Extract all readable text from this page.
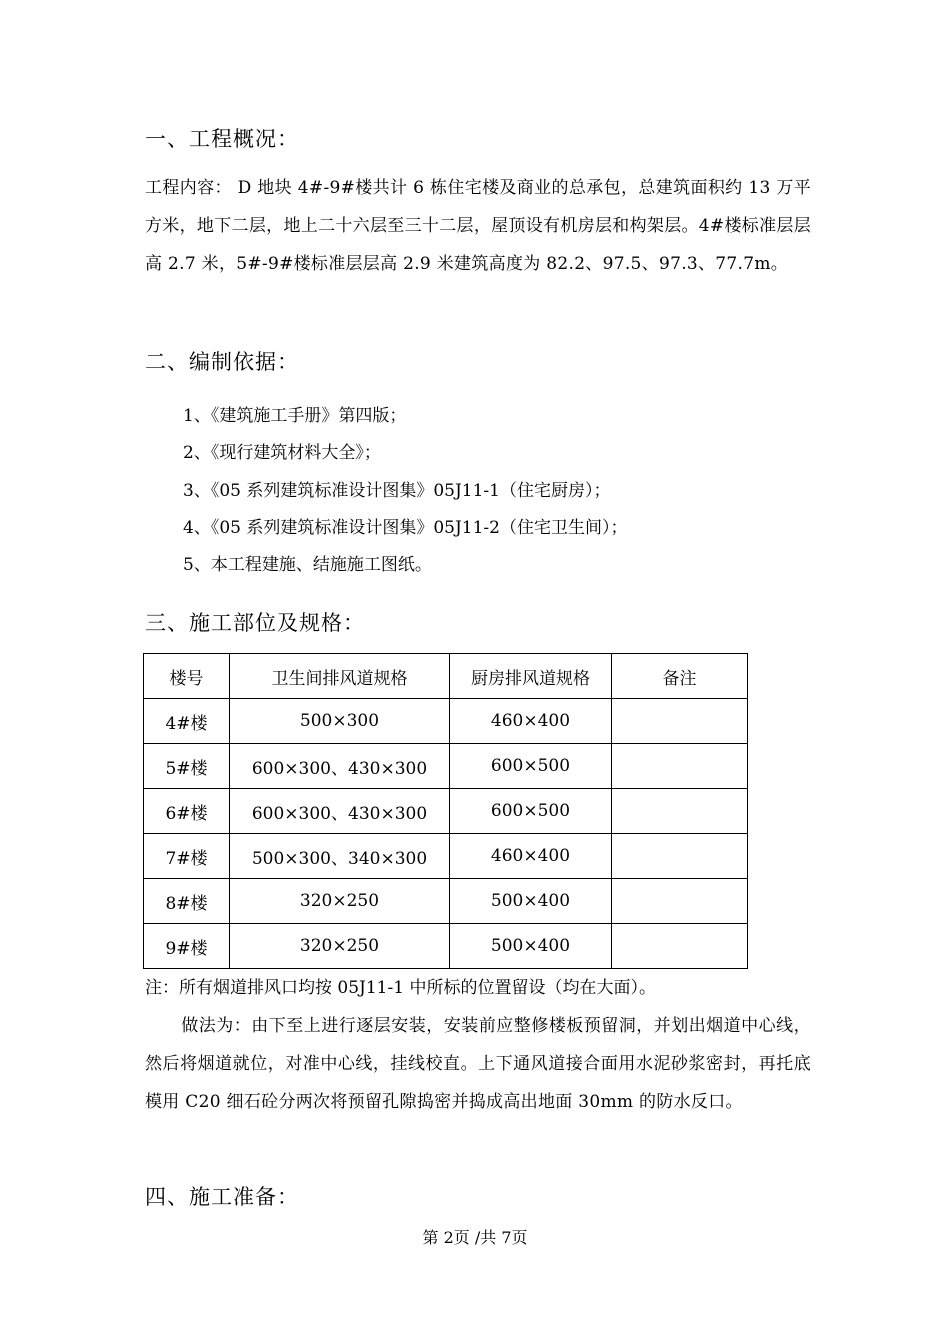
一、工程概况：
工程内容： D 地块 4#-9#楼共计 6 栋住宅楼及商业的总承包，总建筑面积约 13 万平方米，地下二层，地上二十六层至三十二层，屋顶设有机房层和构架层。4#楼标准层层高 2.7 米，5#-9#楼标准层层高 2.9 米建筑高度为 82.2、97.5、97.3、77.7m。
二、编制依据：
1、《建筑施工手册》第四版；
2、《现行建筑材料大全》；
3、《05 系列建筑标准设计图集》05J11-1（住宅厨房）；
4、《05 系列建筑标准设计图集》05J11-2（住宅卫生间）；
5、本工程建施、结施施工图纸。
三、施工部位及规格：
楼号	卫生间排风道规格	厨房排风道规格	备注
4#楼	500×300	460×400	
5#楼	600×300、430×300	600×500	
6#楼	600×300、430×300	600×500	
7#楼	500×300、340×300	460×400	
8#楼	320×250	500×400	
9#楼	320×250	500×400	
注：所有烟道排风口均按 05J11-1 中所标的位置留设（均在大面）。
做法为：由下至上进行逐层安装，安装前应整修楼板预留洞，并划出烟道中心线，然后将烟道就位，对准中心线，挂线校直。上下通风道接合面用水泥砂浆密封，再托底模用 C20 细石砼分两次将预留孔隙捣密并捣成高出地面 30mm 的防水反口。
四、施工准备：
第 2页 /共 7页
